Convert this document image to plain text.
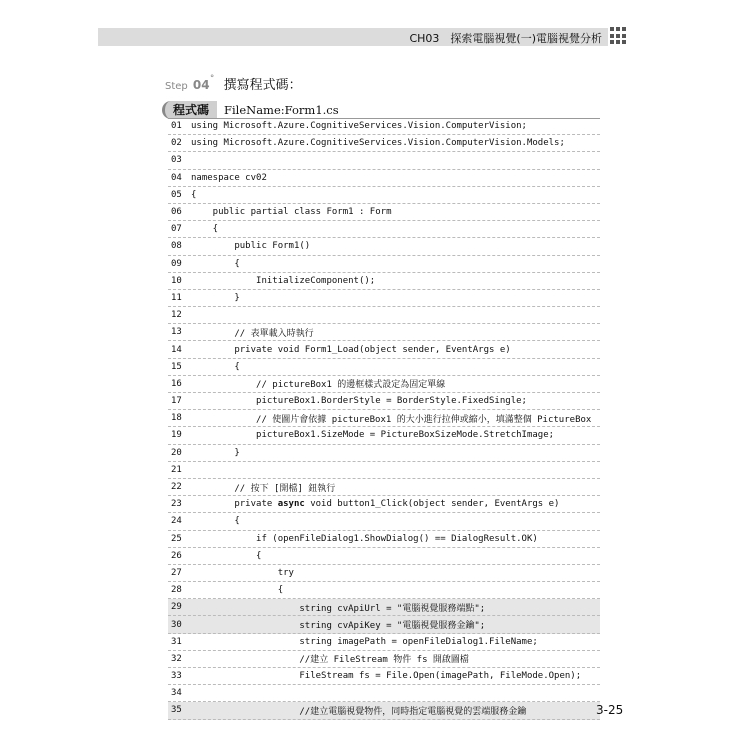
CH03　探索電腦視覺(一)電腦視覺分析
Step 04˚ 撰寫程式碼：
程式碼	FileName:Form1.cs
01	using Microsoft.Azure.CognitiveServices.Vision.ComputerVision;
02	using Microsoft.Azure.CognitiveServices.Vision.ComputerVision.Models;
03
04	namespace cv02
05	{
06	public partial class Form1 : Form
07	{
08	public Form1()
09	{
10	InitializeComponent();
11	}
12
13	// 表單載入時執行
14	private void Form1_Load(object sender, EventArgs e)
15	{
16	// pictureBox1 的邊框樣式設定為固定單線
17	pictureBox1.BorderStyle = BorderStyle.FixedSingle;
18	// 使圖片會依據 pictureBox1 的大小進行拉伸或縮小，填滿整個 PictureBox
19	pictureBox1.SizeMode = PictureBoxSizeMode.StretchImage;
20	}
21
22	// 按下 [開檔] 鈕執行
23	private async void button1_Click(object sender, EventArgs e)
24	{
25	if (openFileDialog1.ShowDialog() == DialogResult.OK)
26	{
27	try
28	{
29	string cvApiUrl = "電腦視覺服務端點";
30	string cvApiKey = "電腦視覺服務金鑰";
31	string imagePath = openFileDialog1.FileName;
32	//建立 FileStream 物件 fs 開啟圖檔
33	FileStream fs = File.Open(imagePath, FileMode.Open);
34
35	//建立電腦視覺物件，同時指定電腦視覺的雲端服務金鑰	3-25
